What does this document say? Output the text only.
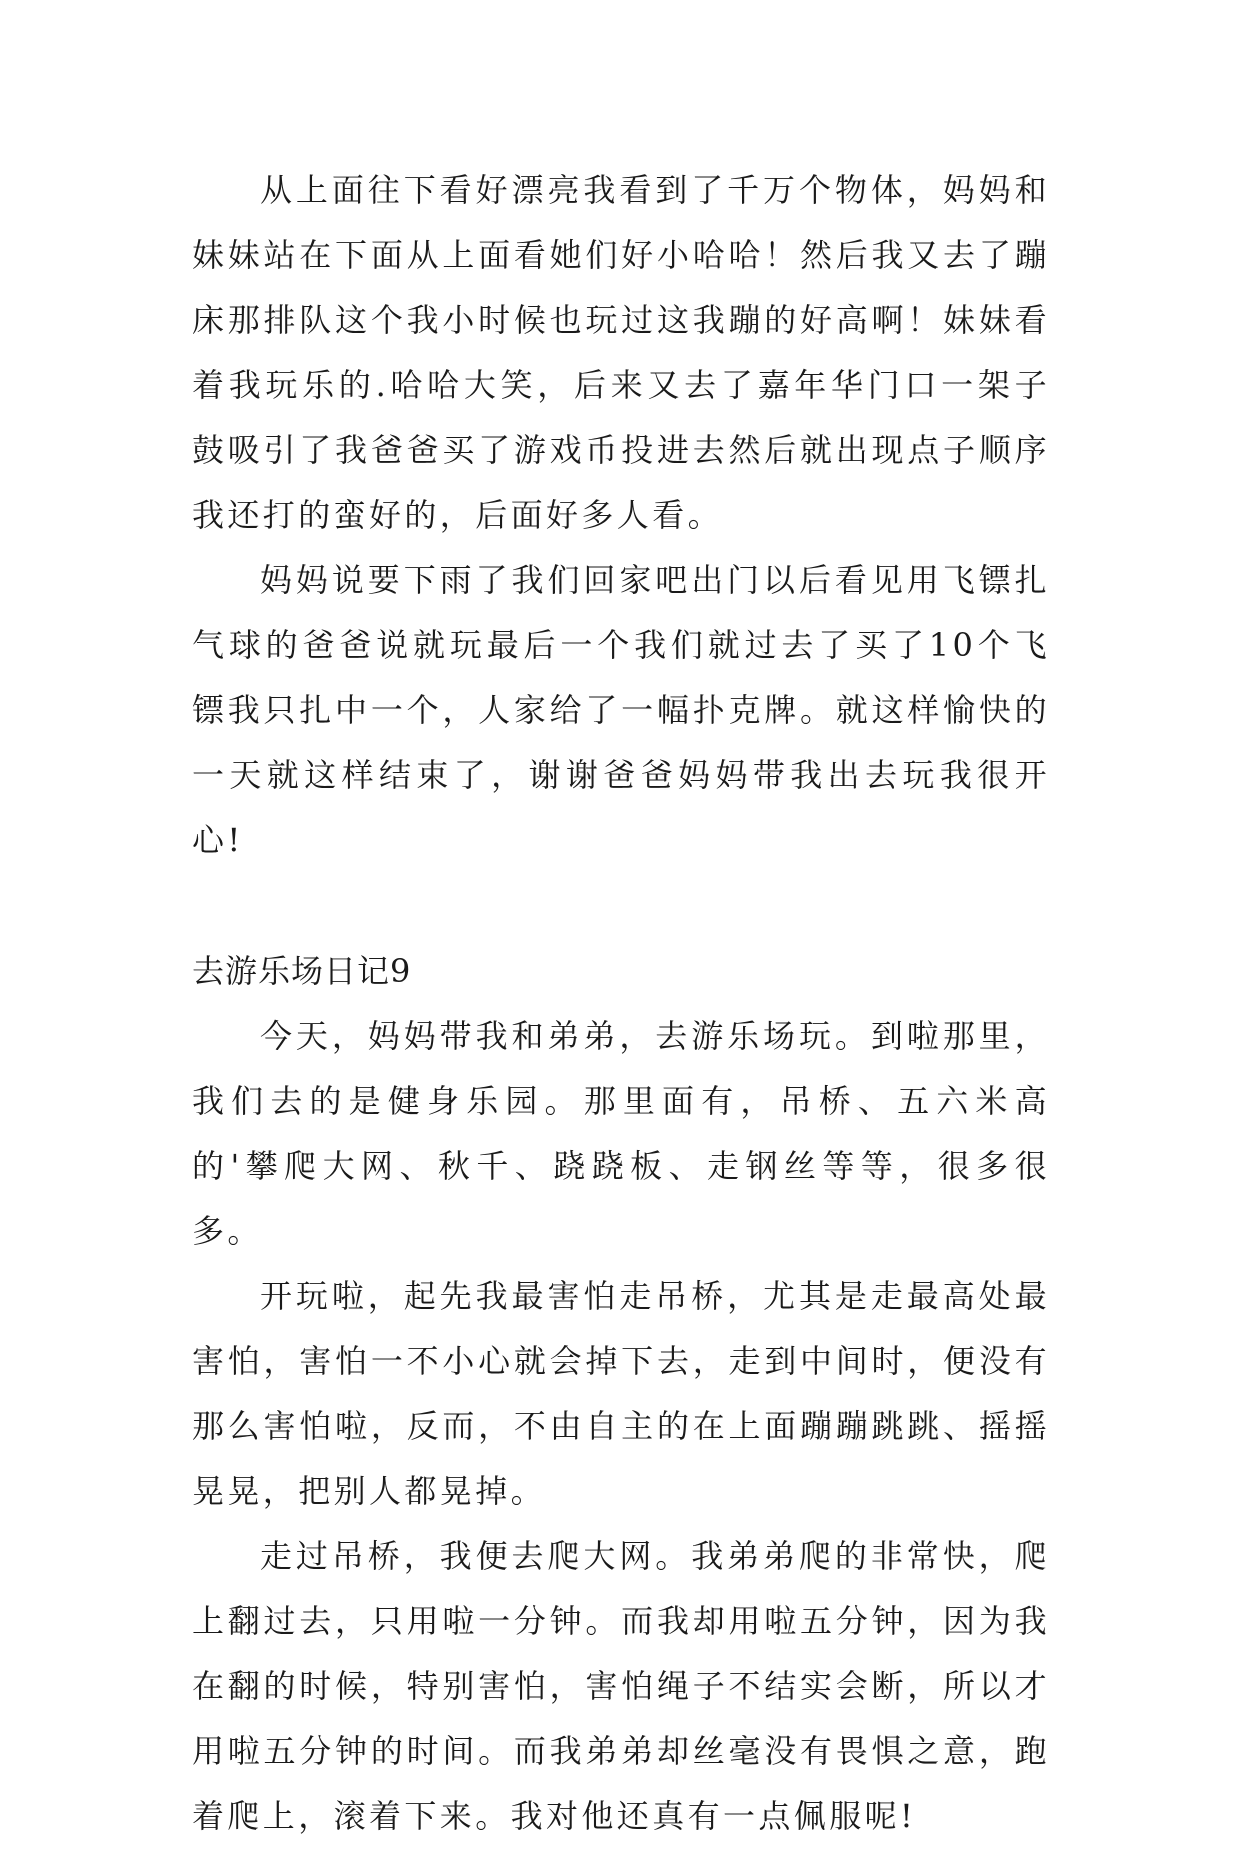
从上面往下看好漂亮我看到了千万个物体，妈妈和妹妹站在下面从上面看她们好小哈哈！然后我又去了蹦床那排队这个我小时候也玩过这我蹦的好高啊！妹妹看着我玩乐的.哈哈大笑，后来又去了嘉年华门口一架子鼓吸引了我爸爸买了游戏币投进去然后就出现点子顺序我还打的蛮好的，后面好多人看。

妈妈说要下雨了我们回家吧出门以后看见用飞镖扎气球的爸爸说就玩最后一个我们就过去了买了10个飞镖我只扎中一个，人家给了一幅扑克牌。就这样愉快的一天就这样结束了，谢谢爸爸妈妈带我出去玩我很开心!

去游乐场日记9

今天，妈妈带我和弟弟，去游乐场玩。到啦那里，我们去的是健身乐园。那里面有，吊桥、五六米高的'攀爬大网、秋千、跷跷板、走钢丝等等，很多很多。

开玩啦，起先我最害怕走吊桥，尤其是走最高处最害怕，害怕一不小心就会掉下去，走到中间时，便没有那么害怕啦，反而，不由自主的在上面蹦蹦跳跳、摇摇晃晃，把别人都晃掉。

走过吊桥，我便去爬大网。我弟弟爬的非常快，爬上翻过去，只用啦一分钟。而我却用啦五分钟，因为我在翻的时候，特别害怕，害怕绳子不结实会断，所以才用啦五分钟的时间。而我弟弟却丝毫没有畏惧之意，跑着爬上，滚着下来。我对他还真有一点佩服呢!
